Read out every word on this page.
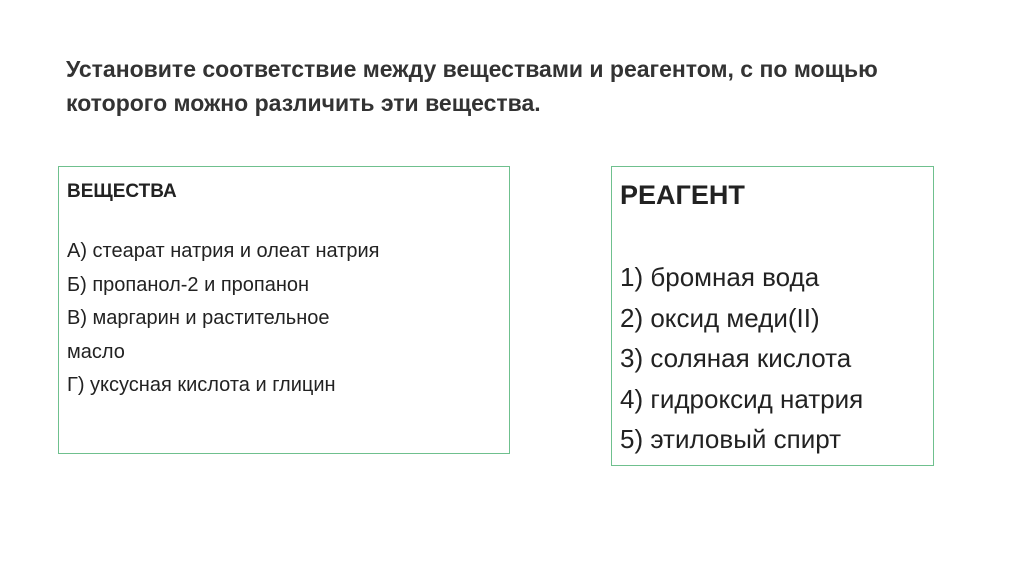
Установите соответствие между веществами и реагентом, с по мощью которого можно различить эти вещества.
ВЕЩЕСТВА
А) стеарат натрия и олеат натрия
Б) пропанол-2 и пропанон
В) маргарин и растительное
масло
Г) уксусная кислота и глицин
РЕАГЕНТ
1) бромная вода
2) оксид меди(II)
3) соляная кислота
4) гидроксид натрия
5) этиловый спирт
